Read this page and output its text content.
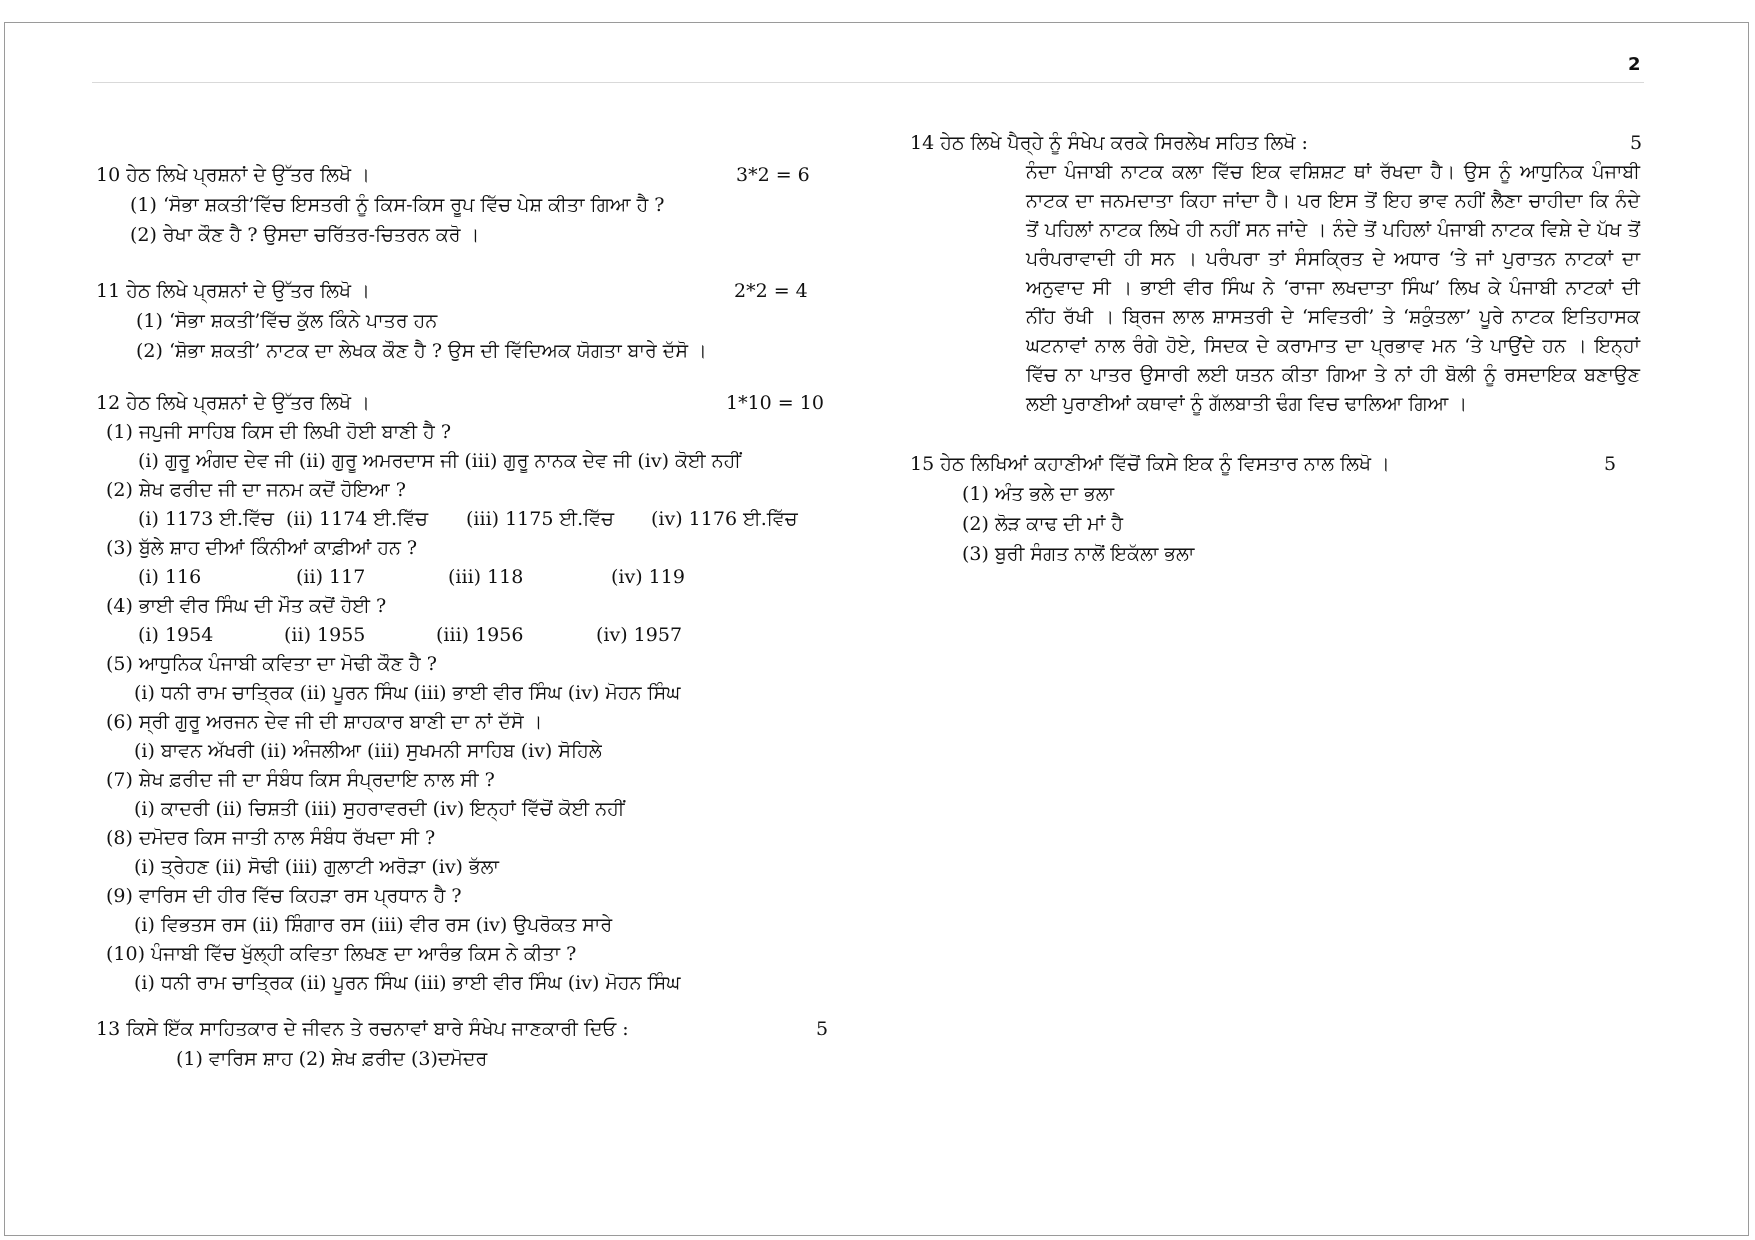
2
10 ਹੇਠ ਲਿਖੇ ਪ੍ਰਸ਼ਨਾਂ ਦੇ ਉੱਤਰ ਲਿਖੋ ।	3*2 = 6
(1) ‘ਸੋਭਾ ਸ਼ਕਤੀ’ਵਿੱਚ ਇਸਤਰੀ ਨੂੰ ਕਿਸ-ਕਿਸ ਰੂਪ ਵਿੱਚ ਪੇਸ਼ ਕੀਤਾ ਗਿਆ ਹੈ ?
(2) ਰੇਖਾ ਕੌਣ ਹੈ ? ਉਸਦਾ ਚਰਿੱਤਰ-ਚਿਤਰਨ ਕਰੋ ।
11 ਹੇਠ ਲਿਖੇ ਪ੍ਰਸ਼ਨਾਂ ਦੇ ਉੱਤਰ ਲਿਖੋ ।	2*2 = 4
(1) ‘ਸੋਭਾ ਸ਼ਕਤੀ’ਵਿੱਚ ਕੁੱਲ ਕਿੰਨੇ ਪਾਤਰ ਹਨ
(2) ‘ਸ਼ੋਭਾ ਸ਼ਕਤੀ’ ਨਾਟਕ ਦਾ ਲੇਖਕ ਕੌਣ ਹੈ ? ਉਸ ਦੀ ਵਿੱਦਿਅਕ ਯੋਗਤਾ ਬਾਰੇ ਦੱਸੋ ।
12 ਹੇਠ ਲਿਖੇ ਪ੍ਰਸ਼ਨਾਂ ਦੇ ਉੱਤਰ ਲਿਖੋ ।	1*10 = 10
(1) ਜਪੁਜੀ ਸਾਹਿਬ ਕਿਸ ਦੀ ਲਿਖੀ ਹੋਈ ਬਾਣੀ ਹੈ ?
(i) ਗੁਰੂ ਅੰਗਦ ਦੇਵ ਜੀ (ii) ਗੁਰੂ ਅਮਰਦਾਸ ਜੀ (iii) ਗੁਰੂ ਨਾਨਕ ਦੇਵ ਜੀ (iv) ਕੋਈ ਨਹੀਂ
(2) ਸ਼ੇਖ ਫਰੀਦ ਜੀ ਦਾ ਜਨਮ ਕਦੋਂ ਹੋਇਆ ?
(i) 1173 ਈ.ਵਿੱਚ (ii) 1174 ਈ.ਵਿੱਚ (iii) 1175 ਈ.ਵਿੱਚ (iv) 1176 ਈ.ਵਿੱਚ
(3) ਬੁੱਲੇ ਸ਼ਾਹ ਦੀਆਂ ਕਿੰਨੀਆਂ ਕਾਫ਼ੀਆਂ ਹਨ ?
(i) 116	(ii) 117	(iii) 118	(iv) 119
(4) ਭਾਈ ਵੀਰ ਸਿੰਘ ਦੀ ਮੌਤ ਕਦੋਂ ਹੋਈ ?
(i) 1954	(ii) 1955	(iii) 1956	(iv) 1957
(5) ਆਧੁਨਿਕ ਪੰਜਾਬੀ ਕਵਿਤਾ ਦਾ ਮੋਢੀ ਕੌਣ ਹੈ ?
(i) ਧਨੀ ਰਾਮ ਚਾਤ੍ਰਿਕ (ii) ਪੂਰਨ ਸਿੰਘ (iii) ਭਾਈ ਵੀਰ ਸਿੰਘ (iv) ਮੋਹਨ ਸਿੰਘ
(6) ਸ੍ਰੀ ਗੁਰੂ ਅਰਜਨ ਦੇਵ ਜੀ ਦੀ ਸ਼ਾਹਕਾਰ ਬਾਣੀ ਦਾ ਨਾਂ ਦੱਸੋ ।
(i) ਬਾਵਨ ਅੱਖਰੀ (ii) ਅੰਜਲੀਆ (iii) ਸੁਖਮਨੀ ਸਾਹਿਬ (iv) ਸੋਹਿਲੇ
(7) ਸ਼ੇਖ ਫ਼ਰੀਦ ਜੀ ਦਾ ਸੰਬੰਧ ਕਿਸ ਸੰਪ੍ਰਦਾਇ ਨਾਲ ਸੀ ?
(i) ਕਾਦਰੀ (ii) ਚਿਸ਼ਤੀ (iii) ਸੁਹਰਾਵਰਦੀ (iv) ਇਨ੍ਹਾਂ ਵਿੱਚੋਂ ਕੋਈ ਨਹੀਂ
(8) ਦਮੋਦਰ ਕਿਸ ਜਾਤੀ ਨਾਲ ਸੰਬੰਧ ਰੱਖਦਾ ਸੀ ?
(i) ਤ੍ਰੇਹਣ (ii) ਸੋਢੀ (iii) ਗੁਲਾਟੀ ਅਰੋੜਾ (iv) ਭੱਲਾ
(9) ਵਾਰਿਸ ਦੀ ਹੀਰ ਵਿੱਚ ਕਿਹੜਾ ਰਸ ਪ੍ਰਧਾਨ ਹੈ ?
(i) ਵਿਭਤਸ ਰਸ (ii) ਸ਼ਿੰਗਾਰ ਰਸ (iii) ਵੀਰ ਰਸ (iv) ਉਪਰੋਕਤ ਸਾਰੇ
(10) ਪੰਜਾਬੀ ਵਿੱਚ ਖੁੱਲ੍ਹੀ ਕਵਿਤਾ ਲਿਖਣ ਦਾ ਆਰੰਭ ਕਿਸ ਨੇ ਕੀਤਾ ?
(i) ਧਨੀ ਰਾਮ ਚਾਤ੍ਰਿਕ (ii) ਪੂਰਨ ਸਿੰਘ (iii) ਭਾਈ ਵੀਰ ਸਿੰਘ (iv) ਮੋਹਨ ਸਿੰਘ
13 ਕਿਸੇ ਇੱਕ ਸਾਹਿਤਕਾਰ ਦੇ ਜੀਵਨ ਤੇ ਰਚਨਾਵਾਂ ਬਾਰੇ ਸੰਖੇਪ ਜਾਣਕਾਰੀ ਦਿਓ :	5
(1) ਵਾਰਿਸ ਸ਼ਾਹ (2) ਸ਼ੇਖ ਫ਼ਰੀਦ (3)ਦਮੋਦਰ
14 ਹੇਠ ਲਿਖੇ ਪੈਰ੍ਹੇ ਨੂੰ ਸੰਖੇਪ ਕਰਕੇ ਸਿਰਲੇਖ ਸਹਿਤ ਲਿਖੋ :	5
ਨੰਦਾ ਪੰਜਾਬੀ ਨਾਟਕ ਕਲਾ ਵਿੱਚ ਇਕ ਵਸ਼ਿਸ਼ਟ ਥਾਂ ਰੱਖਦਾ ਹੈ। ਉਸ ਨੂੰ ਆਧੁਨਿਕ ਪੰਜਾਬੀ ਨਾਟਕ ਦਾ ਜਨਮਦਾਤਾ ਕਿਹਾ ਜਾਂਦਾ ਹੈ। ਪਰ ਇਸ ਤੋਂ ਇਹ ਭਾਵ ਨਹੀਂ ਲੈਣਾ ਚਾਹੀਦਾ ਕਿ ਨੰਦੇ ਤੋਂ ਪਹਿਲਾਂ ਨਾਟਕ ਲਿਖੇ ਹੀ ਨਹੀਂ ਸਨ ਜਾਂਦੇ । ਨੰਦੇ ਤੋਂ ਪਹਿਲਾਂ ਪੰਜਾਬੀ ਨਾਟਕ ਵਿਸ਼ੇ ਦੇ ਪੱਖ ਤੋਂ ਪਰੰਪਰਾਵਾਦੀ ਹੀ ਸਨ । ਪਰੰਪਰਾ ਤਾਂ ਸੰਸਕ੍ਰਿਤ ਦੇ ਅਧਾਰ ‘ਤੇ ਜਾਂ ਪੁਰਾਤਨ ਨਾਟਕਾਂ ਦਾ ਅਨੁਵਾਦ ਸੀ । ਭਾਈ ਵੀਰ ਸਿੰਘ ਨੇ ‘ਰਾਜਾ ਲਖਦਾਤਾ ਸਿੰਘ’ ਲਿਖ ਕੇ ਪੰਜਾਬੀ ਨਾਟਕਾਂ ਦੀ ਨੀਂਹ ਰੱਖੀ । ਬ੍ਰਿਜ ਲਾਲ ਸ਼ਾਸਤਰੀ ਦੇ ‘ਸਵਿਤਰੀ’ ਤੇ ‘ਸ਼ਕੁੰਤਲਾ’ ਪੂਰੇ ਨਾਟਕ ਇਤਿਹਾਸਕ ਘਟਨਾਵਾਂ ਨਾਲ ਰੰਗੇ ਹੋਏ, ਸਿਦਕ ਦੇ ਕਰਾਮਾਤ ਦਾ ਪ੍ਰਭਾਵ ਮਨ ‘ਤੇ ਪਾਉਂਦੇ ਹਨ । ਇਨ੍ਹਾਂ ਵਿੱਚ ਨਾ ਪਾਤਰ ਉਸਾਰੀ ਲਈ ਯਤਨ ਕੀਤਾ ਗਿਆ ਤੇ ਨਾਂ ਹੀ ਬੋਲੀ ਨੂੰ ਰਸਦਾਇਕ ਬਣਾਉਣ ਲਈ ਪੁਰਾਣੀਆਂ ਕਥਾਵਾਂ ਨੂੰ ਗੱਲਬਾਤੀ ਢੰਗ ਵਿਚ ਢਾਲਿਆ ਗਿਆ ।
15 ਹੇਠ ਲਿਖਿਆਂ ਕਹਾਣੀਆਂ ਵਿੱਚੋਂ ਕਿਸੇ ਇਕ ਨੂੰ ਵਿਸਤਾਰ ਨਾਲ ਲਿਖੋ ।	5
(1) ਅੰਤ ਭਲੇ ਦਾ ਭਲਾ
(2) ਲੋੜ ਕਾਢ ਦੀ ਮਾਂ ਹੈ
(3) ਬੁਰੀ ਸੰਗਤ ਨਾਲੋਂ ਇਕੱਲਾ ਭਲਾ
